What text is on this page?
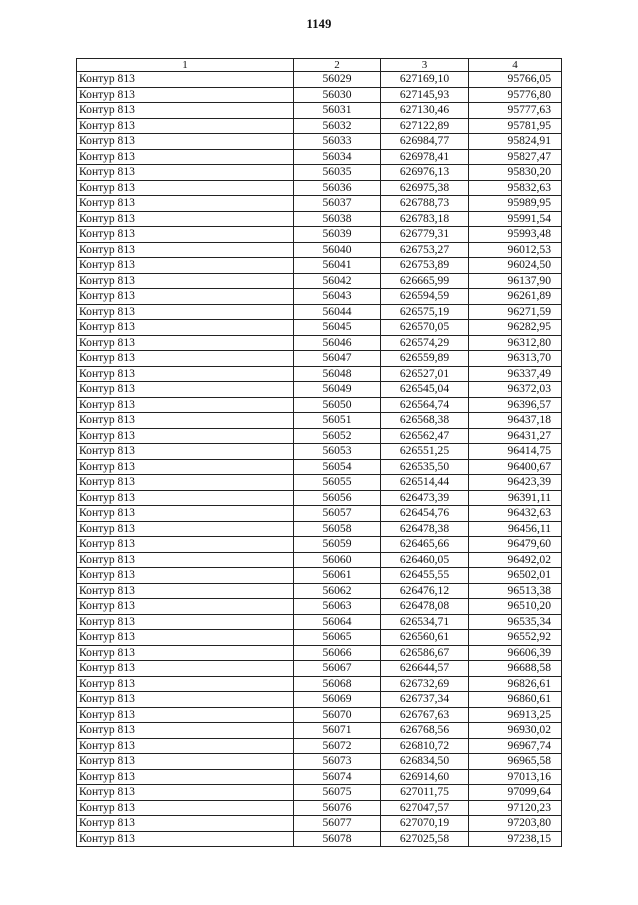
1149
1	2	3	4
Контур 813	56029	627169,10	95766,05
Контур 813	56030	627145,93	95776,80
Контур 813	56031	627130,46	95777,63
Контур 813	56032	627122,89	95781,95
Контур 813	56033	626984,77	95824,91
Контур 813	56034	626978,41	95827,47
Контур 813	56035	626976,13	95830,20
Контур 813	56036	626975,38	95832,63
Контур 813	56037	626788,73	95989,95
Контур 813	56038	626783,18	95991,54
Контур 813	56039	626779,31	95993,48
Контур 813	56040	626753,27	96012,53
Контур 813	56041	626753,89	96024,50
Контур 813	56042	626665,99	96137,90
Контур 813	56043	626594,59	96261,89
Контур 813	56044	626575,19	96271,59
Контур 813	56045	626570,05	96282,95
Контур 813	56046	626574,29	96312,80
Контур 813	56047	626559,89	96313,70
Контур 813	56048	626527,01	96337,49
Контур 813	56049	626545,04	96372,03
Контур 813	56050	626564,74	96396,57
Контур 813	56051	626568,38	96437,18
Контур 813	56052	626562,47	96431,27
Контур 813	56053	626551,25	96414,75
Контур 813	56054	626535,50	96400,67
Контур 813	56055	626514,44	96423,39
Контур 813	56056	626473,39	96391,11
Контур 813	56057	626454,76	96432,63
Контур 813	56058	626478,38	96456,11
Контур 813	56059	626465,66	96479,60
Контур 813	56060	626460,05	96492,02
Контур 813	56061	626455,55	96502,01
Контур 813	56062	626476,12	96513,38
Контур 813	56063	626478,08	96510,20
Контур 813	56064	626534,71	96535,34
Контур 813	56065	626560,61	96552,92
Контур 813	56066	626586,67	96606,39
Контур 813	56067	626644,57	96688,58
Контур 813	56068	626732,69	96826,61
Контур 813	56069	626737,34	96860,61
Контур 813	56070	626767,63	96913,25
Контур 813	56071	626768,56	96930,02
Контур 813	56072	626810,72	96967,74
Контур 813	56073	626834,50	96965,58
Контур 813	56074	626914,60	97013,16
Контур 813	56075	627011,75	97099,64
Контур 813	56076	627047,57	97120,23
Контур 813	56077	627070,19	97203,80
Контур 813	56078	627025,58	97238,15
